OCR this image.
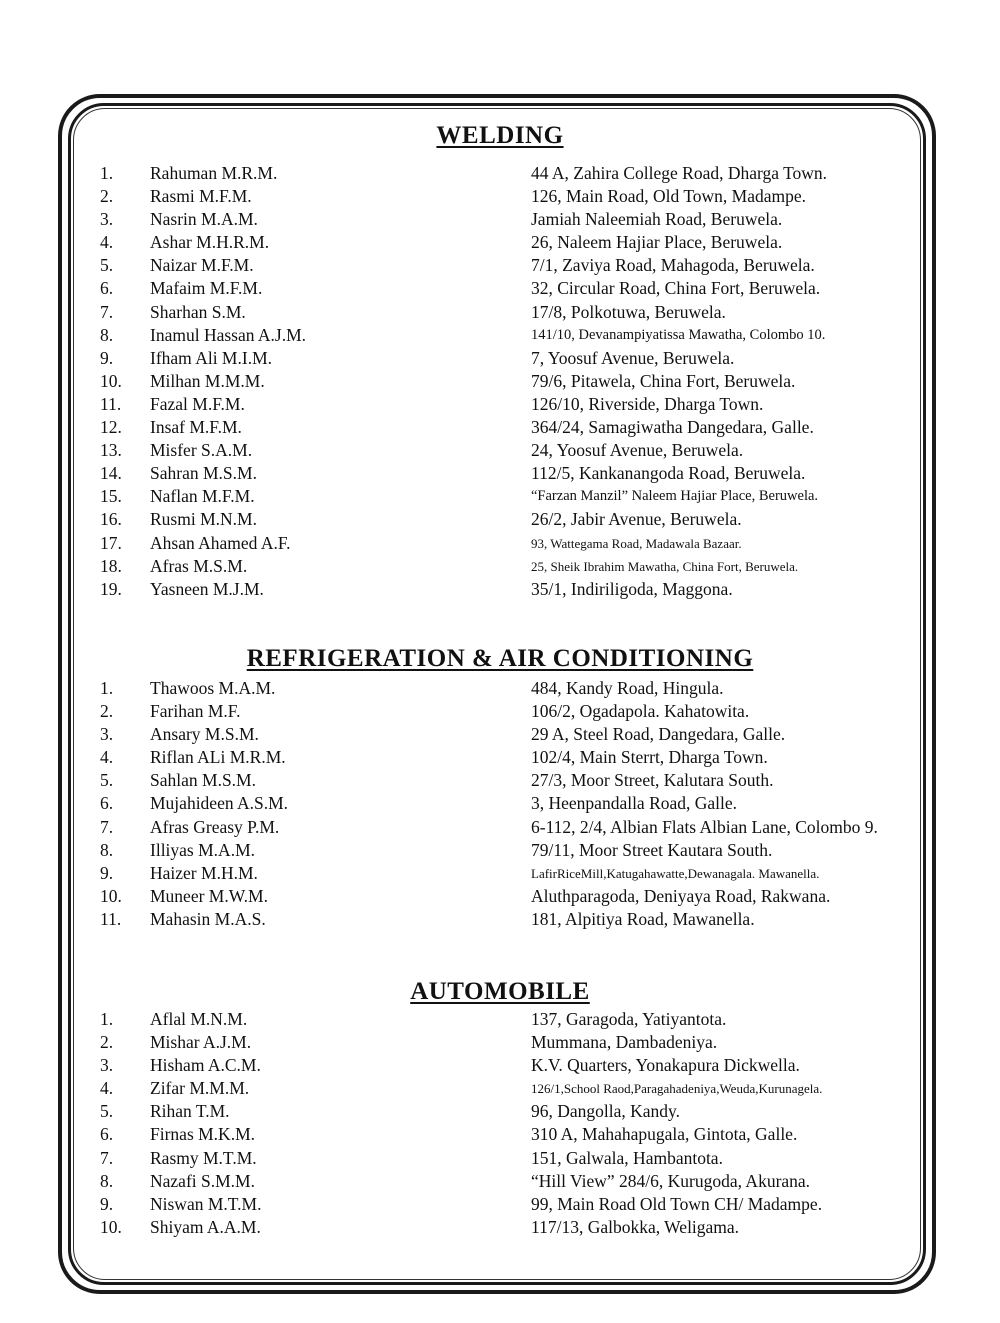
WELDING
1. Rahuman M.R.M.	44 A, Zahira College Road, Dharga Town.
2. Rasmi M.F.M.	126, Main Road, Old Town, Madampe.
3. Nasrin M.A.M.	Jamiah Naleemiah Road, Beruwela.
4. Ashar M.H.R.M.	26, Naleem Hajiar Place, Beruwela.
5. Naizar M.F.M.	7/1, Zaviya Road, Mahagoda, Beruwela.
6. Mafaim M.F.M.	32, Circular Road, China Fort, Beruwela.
7. Sharhan S.M.	17/8, Polkotuwa, Beruwela.
8. Inamul Hassan A.J.M.	141/10, Devanampiyatissa Mawatha, Colombo 10.
9. Ifham Ali M.I.M.	7, Yoosuf Avenue, Beruwela.
10. Milhan M.M.M.	79/6, Pitawela, China Fort, Beruwela.
11. Fazal M.F.M.	126/10, Riverside, Dharga Town.
12. Insaf M.F.M.	364/24, Samagiwatha Dangedara, Galle.
13. Misfer S.A.M.	24, Yoosuf Avenue, Beruwela.
14. Sahran M.S.M.	112/5, Kankanangoda Road, Beruwela.
15. Naflan M.F.M.	“Farzan Manzil” Naleem Hajiar Place, Beruwela.
16. Rusmi M.N.M.	26/2, Jabir Avenue, Beruwela.
17. Ahsan Ahamed A.F.	93, Wattegama Road, Madawala Bazaar.
18. Afras M.S.M.	25, Sheik Ibrahim Mawatha, China Fort, Beruwela.
19. Yasneen M.J.M.	35/1, Indiriligoda, Maggona.
REFRIGERATION & AIR CONDITIONING
1. Thawoos M.A.M.	484, Kandy Road, Hingula.
2. Farihan M.F.	106/2, Ogadapola. Kahatowita.
3. Ansary M.S.M.	29 A, Steel Road, Dangedara, Galle.
4. Riflan ALi M.R.M.	102/4, Main Sterrt, Dharga Town.
5. Sahlan M.S.M.	27/3, Moor Street, Kalutara South.
6. Mujahideen A.S.M.	3, Heenpandalla Road, Galle.
7. Afras Greasy P.M.	6-112, 2/4, Albian Flats Albian Lane, Colombo 9.
8. Illiyas M.A.M.	79/11, Moor Street Kautara South.
9. Haizer M.H.M.	LafirRiceMill,Katugahawatte,Dewanagala. Mawanella.
10. Muneer M.W.M.	Aluthparagoda, Deniyaya Road, Rakwana.
11. Mahasin M.A.S.	181, Alpitiya Road, Mawanella.
AUTOMOBILE
1. Aflal M.N.M.	137, Garagoda, Yatiyantota.
2. Mishar A.J.M.	Mummana, Dambadeniya.
3. Hisham A.C.M.	K.V. Quarters, Yonakapura Dickwella.
4. Zifar M.M.M.	126/1,School Raod,Paragahadeniya,Weuda,Kurunagela.
5. Rihan T.M.	96, Dangolla, Kandy.
6. Firnas M.K.M.	310 A, Mahahapugala, Gintota, Galle.
7. Rasmy M.T.M.	151, Galwala, Hambantota.
8. Nazafi S.M.M.	“Hill View” 284/6, Kurugoda, Akurana.
9. Niswan M.T.M.	99, Main Road Old Town CH/ Madampe.
10. Shiyam A.A.M.	117/13, Galbokka, Weligama.
